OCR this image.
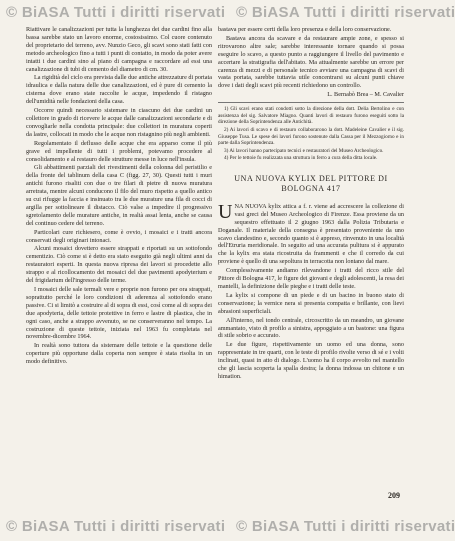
© BiASA Tutti i diritti riservati © BiASA Tutti i diritti riservati

Riattivare le canalizzazioni per tutta la lunghezza dei due cardini fino alla bassa sarebbe stato un lavoro enorme, costosissimo. Col cuore contenuto del proprietario del terreno, avv. Nunzio Geco, gli scavi sono stati fatti con metodo archeologico fino a tutti i punti di contatto, in modo da poter avere intatti i due cardini sino al piano di campagna e raccordare ad essi una canalizzazione di tubi di cemento del diametro di cm. 30.

La rigidità del ciclo era prevista dalle due antiche attrezzature di portata idraulica e dalla natura delle due canalizzazioni, ed è pure di cemento la cisterna dove erano state raccolte le acque, impedendo il ristagno dell'umidità nelle fondazioni della casa.

Occorre quindi necessario sistemare in ciascuno dei due cardini un collettore in grado di ricevere le acque dalle canalizzazioni secondarie e di convogliarle nella condotta principale: due collettori in muratura coperti da lastre, collocati in modo che le acque non ristagnino più negli ambienti.

Regolamentato il deflusso delle acque che era apparso come il più grave ed impellente di tutti i problemi, potevamo procedere al consolidamento e al restauro delle strutture messe in luce nell'insula.

Gli abbattimenti parziali dei rivestimenti della colonna del peristilio e della fronte del tablinum della casa C (figg. 27, 30). Questi tutti i muri antichi furono risaliti con due o tre filari di pietre di nuova muratura arretrata, mentre alcuni conducono il filo del muro rispetto a quello antico su cui rifugge la faccia e insinuato tra le due murature una fila di cocci di argilla per sottolineare il distacco. Ciò valse a impedire il progressivo sgretolamento delle murature antiche, in realtà assai lenta, anche se causa del continuo cedere del terreno.

Particolari cure richiesero, come è ovvio, i mosaici e i tratti ancora conservati degli originari intonaci.

Alcuni mosaici dovettero essere strappati e riportati su un sottofondo cementizio. Ciò come si è detto era stato eseguito già negli ultimi anni da restauratori esperti. In questa nuova ripresa dei lavori si procedette allo strappo e al ricollocamento dei mosaici del due pavimenti apodyterium e del frigidarium dell'ingresso delle terme.

I mosaici delle sale termali vere e proprie non furono per ora strappati, soprattutto perché le loro condizioni di aderenza al sottofondo erano passive. Ci si limitò a costruire al di sopra di essi, così come al di sopra dei due apodyteria, delle tettoie protettive in ferro e lastre di plastica, che in ogni caso, anche a strappo avvenuto, se ne conserveranno nel tempo. La costruzione di queste tettoie, iniziata nel 1963 fu completata nel novembre-dicembre 1964.

In realtà sono tuttora da sistemare delle tettoie e la questione delle coperture più opportune dalla coperta non sempre è stata risolta in un modo definitivo.

bastava per essere certi della loro presenza e della loro conservazione.

Bastava ancora da scavare e da restaurare ampie zone, e spesso si ritrovarono altre sale; sarebbe interessante tornare quando si possa eseguire lo scavo, a questo punto a raggiungere il livello del pavimento e accertare la stratigrafia dell'abitato. Ma attualmente sarebbe un errore per carenza di mezzi e di personale tecnico avviare una campagna di scavi di vasta portata, sarebbe tuttavia utile concentrarsi su alcuni punti chiave dove i dati degli scavi più recenti richiedono un controllo.

L. Bernabò Brea – M. Cavalier

1) Gli scavi erano stati condotti sotto la direzione della dott. Delia Bertolino e con assistenza del sig. Salvatore Miagno. Quanti lavori di restauro furono eseguiti sotto la direzione della Soprintendenza alle Antichità.

2) Ai lavori di scavo e di restauro collaborarono la dott. Madeleine Cavalier e il sig. Giuseppe Tusa. Le spese dei lavori furono sostenute dalla Cassa per il Mezzogiorno e in parte dalla Soprintendenza.

3) Ai lavori hanno partecipato tecnici e restauratori del Museo Archeologico.

4) Per le tettoie fu realizzata una struttura in ferro a cura della ditta locale.

UNA NUOVA KYLIX DEL PITTORE DI BOLOGNA 417

UNA NUOVA kylix attica a f. r. viene ad accrescere la collezione di vasi greci del Museo Archeologico di Firenze. Essa proviene da un sequestro effettuato il 2 giugno 1963 dalla Polizia Tributaria e Doganale. Il materiale della consegna è presentato proveniente da uno scavo clandestino e, secondo quanto si è appreso, rinvenuto in una località dell'Etruria meridionale. In seguito ad una accurata pulitura si è appurato che la kylix era stata ricostruita da frammenti e che il corredo da cui proviene è quello di una sepoltura in terracotta non lontano dal mare.

Complessivamente andiamo rilevandone i tratti del ricco stile del Pittore di Bologna 417, le figure dei giovani e degli adolescenti, la resa dei mantelli, la definizione delle pieghe e i tratti delle teste.

La kylix si compone di un piede e di un bacino in buono stato di conservazione; la vernice nera si presenta compatta e brillante, con lievi abrasioni superficiali.

All'interno, nel tondo centrale, circoscritto da un meandro, un giovane ammantato, visto di profilo a sinistra, appoggiato a un bastone: una figura di stile sobrio e accurato.

Le due figure, rispettivamente un uomo ed una donna, sono rappresentate in tre quarti, con le teste di profilo rivolte verso di sé e i volti inclinati, quasi in atto di dialogo. L'uomo ha il corpo avvolto nel mantello che gli lascia scoperta la spalla destra; la donna indossa un chitone e un himation.

209
© BiASA Tutti i diritti riservati © BiASA Tutti i diritti riservati
